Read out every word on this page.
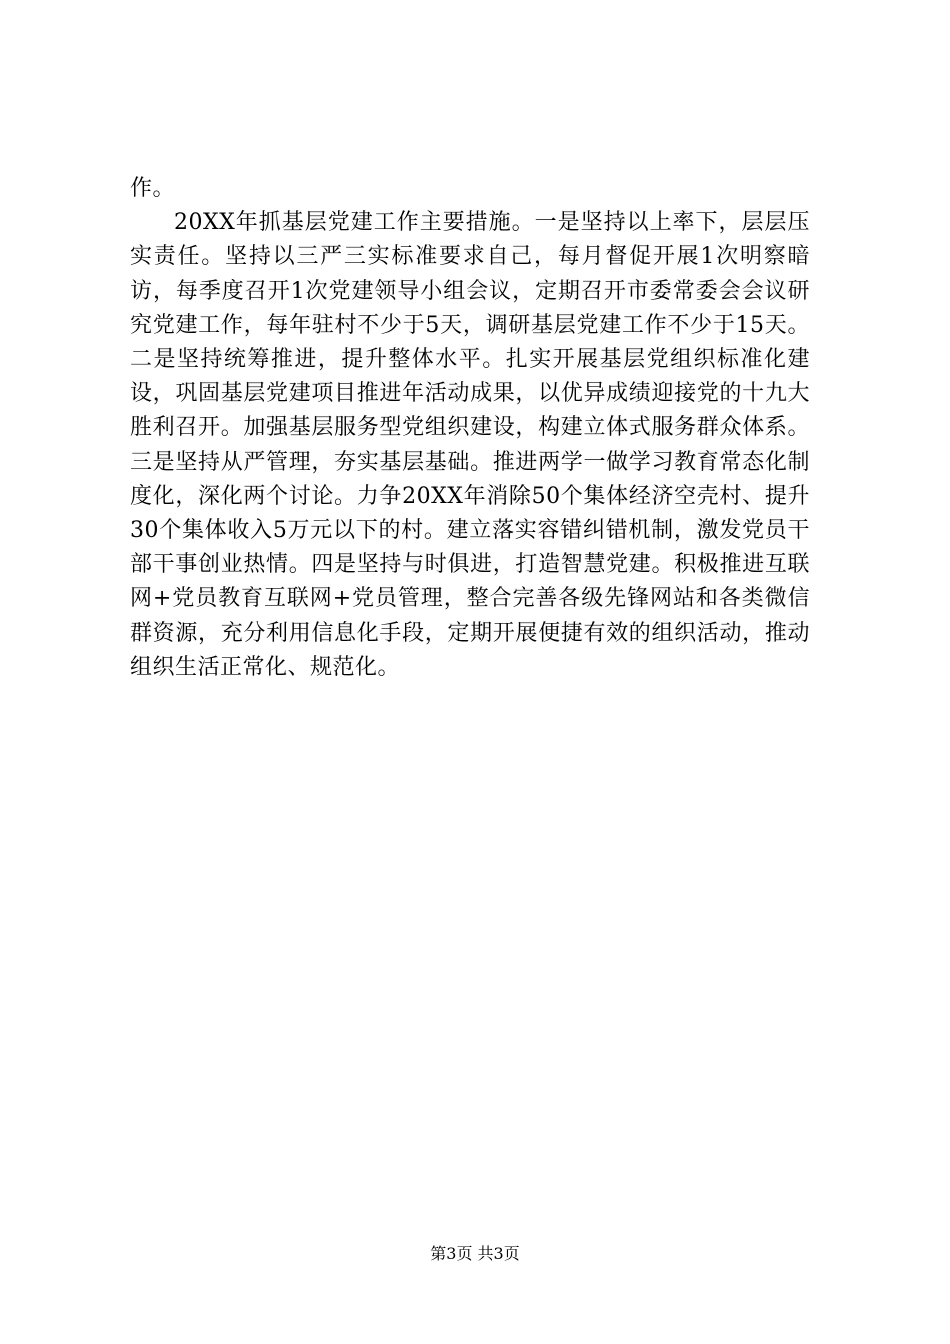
作。

20XX年抓基层党建工作主要措施。一是坚持以上率下，层层压实责任。坚持以三严三实标准要求自己，每月督促开展1次明察暗访，每季度召开1次党建领导小组会议，定期召开市委常委会会议研究党建工作，每年驻村不少于5天，调研基层党建工作不少于15天。二是坚持统筹推进，提升整体水平。扎实开展基层党组织标准化建设，巩固基层党建项目推进年活动成果，以优异成绩迎接党的十九大胜利召开。加强基层服务型党组织建设，构建立体式服务群众体系。三是坚持从严管理，夯实基层基础。推进两学一做学习教育常态化制度化，深化两个讨论。力争20XX年消除50个集体经济空壳村、提升30个集体收入5万元以下的村。建立落实容错纠错机制，激发党员干部干事创业热情。四是坚持与时俱进，打造智慧党建。积极推进互联网+党员教育互联网+党员管理，整合完善各级先锋网站和各类微信群资源，充分利用信息化手段，定期开展便捷有效的组织活动，推动组织生活正常化、规范化。

第3页 共3页
